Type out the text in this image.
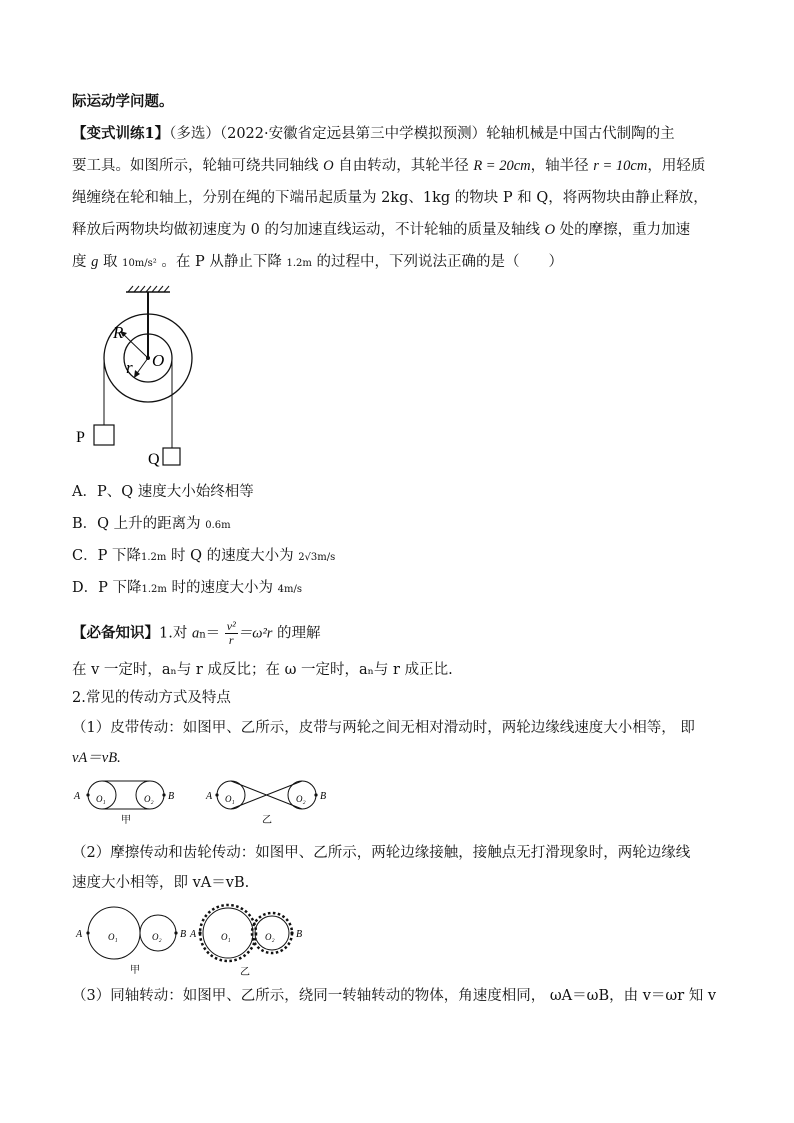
际运动学问题。
【变式训练1】（多选）（2022·安徽省定远县第三中学模拟预测）轮轴机械是中国古代制陶的主
要工具。如图所示，轮轴可绕共同轴线 O 自由转动，其轮半径 R = 20cm，轴半径 r = 10cm，用轻质
绳缠绕在轮和轴上，分别在绳的下端吊起质量为 2kg、1kg 的物块 P 和 Q，将两物块由静止释放，
释放后两物块均做初速度为 0 的匀加速直线运动，不计轮轴的质量及轴线 O 处的摩擦，重力加速
度 g 取 10m/s² 。在 P 从静止下降 1.2m 的过程中，下列说法正确的是（　　）
R
O
r
P
Q
A．P、Q 速度大小始终相等
B．Q 上升的距离为 0.6m
C．P 下降1.2m 时 Q 的速度大小为 2√3m/s
D．P 下降1.2m 时的速度大小为 4m/s
【必备知识】1.对 $an= \frac{\text{v²}}{r} =\omega^2r$ 的理解
在 v 一定时，aₙ与 r 成反比；在 ω 一定时，aₙ与 r 成正比.
2.常见的传动方式及特点
（1）皮带传动：如图甲、乙所示，皮带与两轮之间无相对滑动时，两轮边缘线速度大小相等， 即
vA＝vB.
A	B
O₁	O₂
甲
A	B
O₁	O₂
乙
（2）摩擦传动和齿轮传动：如图甲、乙所示，两轮边缘接触，接触点无打滑现象时，两轮边缘线
速度大小相等，即 vA＝vB.
A	B
O₁	O₂
甲
A	B
O₁	O₂
乙
（3）同轴转动：如图甲、乙所示，绕同一转轴转动的物体，角速度相同， ωA＝ωB，由 v＝ωr 知 v
